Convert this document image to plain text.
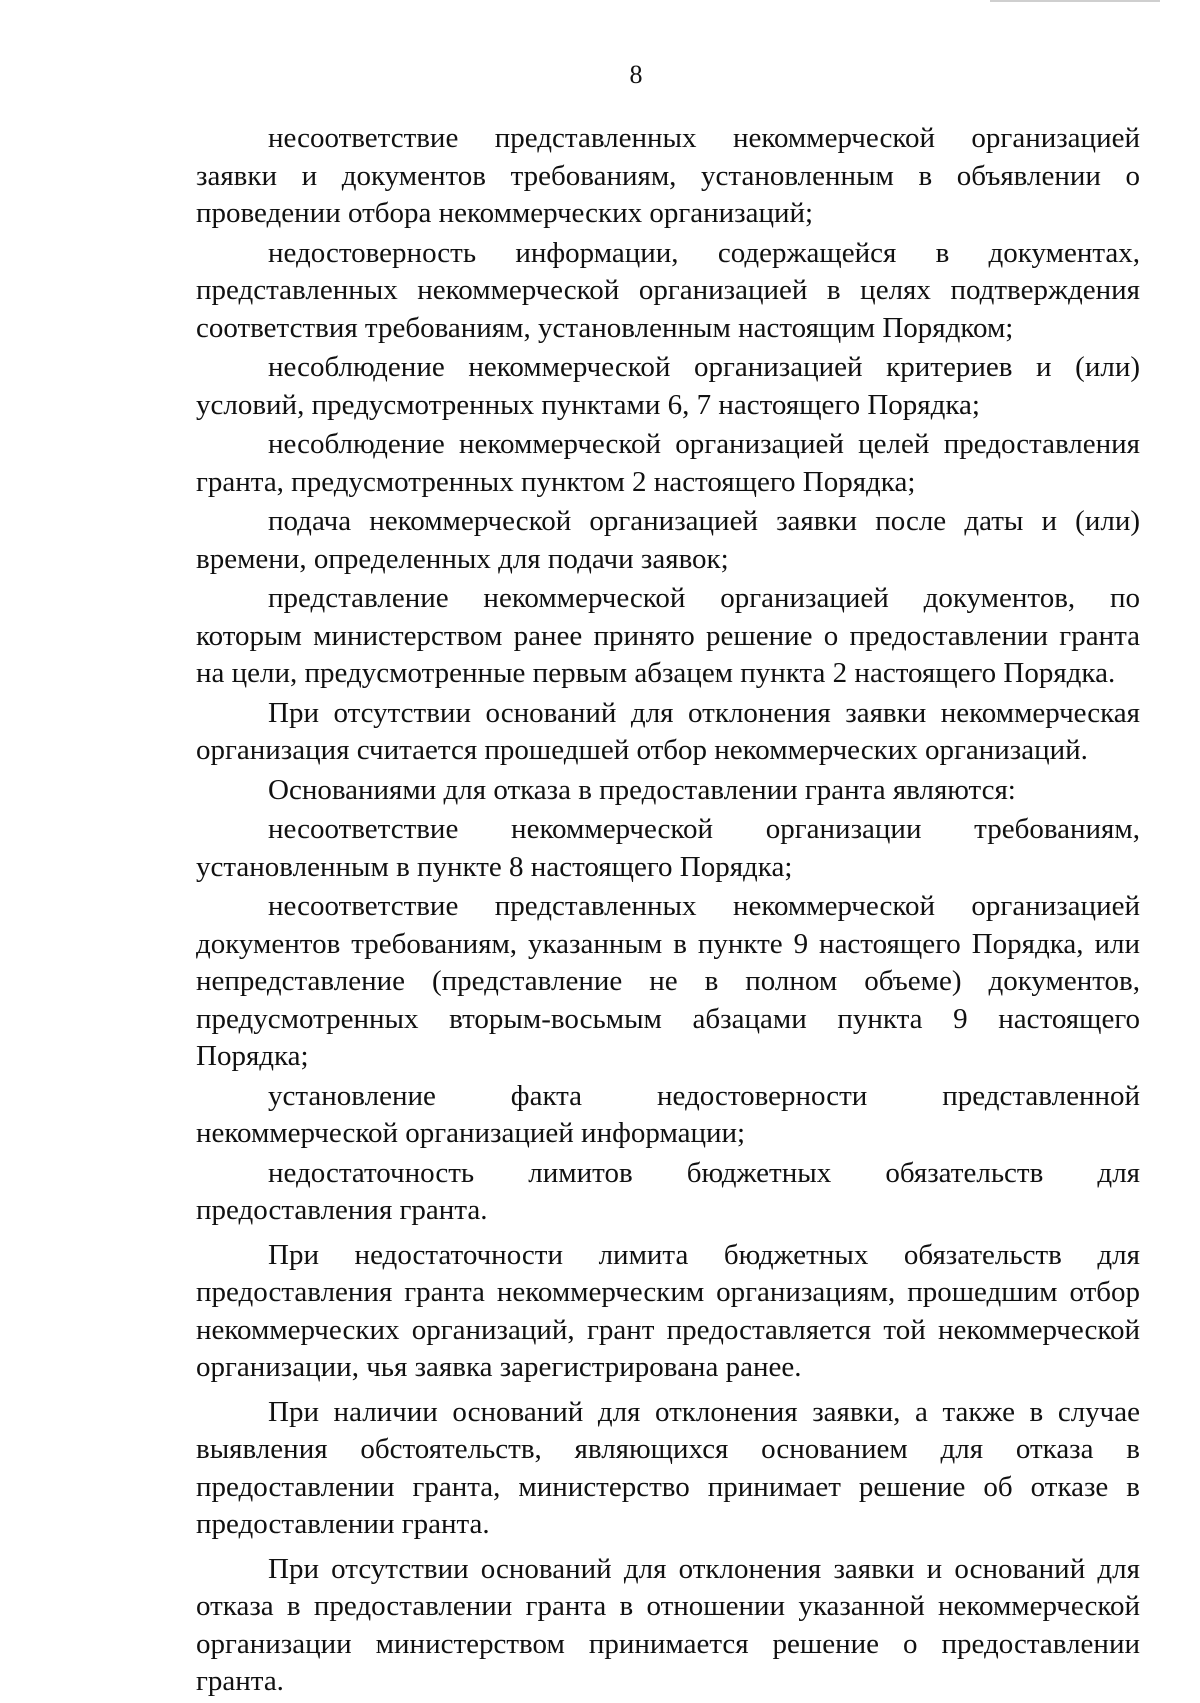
8

несоответствие представленных некоммерческой организацией заявки и документов требованиям, установленным в объявлении о проведении отбора некоммерческих организаций;

недостоверность информации, содержащейся в документах, представленных некоммерческой организацией в целях подтверждения соответствия требованиям, установленным настоящим Порядком;

несоблюдение некоммерческой организацией критериев и (или) условий, предусмотренных пунктами 6, 7 настоящего Порядка;

несоблюдение некоммерческой организацией целей предоставления гранта, предусмотренных пунктом 2 настоящего Порядка;

подача некоммерческой организацией заявки после даты и (или) времени, определенных для подачи заявок;

представление некоммерческой организацией документов, по которым министерством ранее принято решение о предоставлении гранта на цели, предусмотренные первым абзацем пункта 2 настоящего Порядка.

При отсутствии оснований для отклонения заявки некоммерческая организация считается прошедшей отбор некоммерческих организаций.

Основаниями для отказа в предоставлении гранта являются:

несоответствие некоммерческой организации требованиям, установленным в пункте 8 настоящего Порядка;

несоответствие представленных некоммерческой организацией документов требованиям, указанным в пункте 9 настоящего Порядка, или непредставление (представление не в полном объеме) документов, предусмотренных вторым-восьмым абзацами пункта 9 настоящего Порядка;

установление факта недостоверности представленной некоммерческой организацией информации;

недостаточность лимитов бюджетных обязательств для предоставления гранта.

При недостаточности лимита бюджетных обязательств для предоставления гранта некоммерческим организациям, прошедшим отбор некоммерческих организаций, грант предоставляется той некоммерческой организации, чья заявка зарегистрирована ранее.

При наличии оснований для отклонения заявки, а также в случае выявления обстоятельств, являющихся основанием для отказа в предоставлении гранта, министерство принимает решение об отказе в предоставлении гранта.

При отсутствии оснований для отклонения заявки и оснований для отказа в предоставлении гранта в отношении указанной некоммерческой организации министерством принимается решение о предоставлении гранта.
